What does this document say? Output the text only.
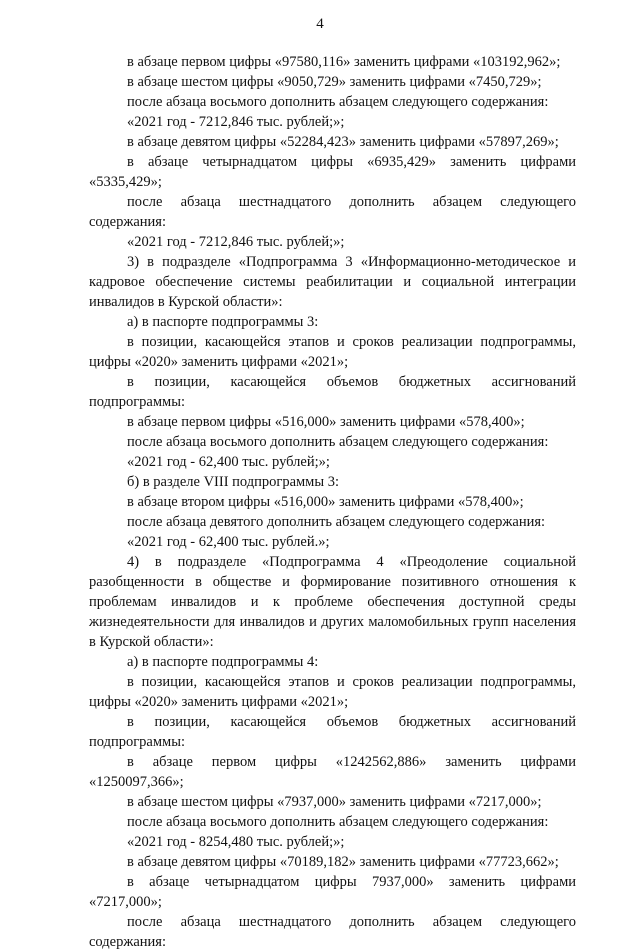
4

в абзаце первом цифры «97580,116» заменить цифрами «103192,962»;

в абзаце шестом цифры «9050,729» заменить цифрами «7450,729»;

после абзаца восьмого дополнить абзацем следующего содержания:

«2021 год - 7212,846 тыс. рублей;»;

в абзаце девятом цифры «52284,423» заменить цифрами «57897,269»;

в абзаце четырнадцатом цифры «6935,429» заменить цифрами «5335,429»;

после абзаца шестнадцатого дополнить абзацем следующего содержания:

«2021 год - 7212,846 тыс. рублей;»;

3) в подразделе «Подпрограмма 3 «Информационно-методическое и кадровое обеспечение системы реабилитации и социальной интеграции инвалидов в Курской области»:

а) в паспорте подпрограммы 3:

в позиции, касающейся этапов и сроков реализации подпрограммы, цифры «2020» заменить цифрами «2021»;

в позиции, касающейся объемов бюджетных ассигнований подпрограммы:

в абзаце первом цифры «516,000» заменить цифрами «578,400»;

после абзаца восьмого дополнить абзацем следующего содержания:

«2021 год - 62,400 тыс. рублей;»;

б) в разделе VIII подпрограммы 3:

в абзаце втором цифры «516,000» заменить цифрами «578,400»;

после абзаца девятого дополнить абзацем следующего содержания:

«2021 год - 62,400 тыс. рублей.»;

4) в подразделе «Подпрограмма 4 «Преодоление социальной разобщенности в обществе и формирование позитивного отношения к проблемам инвалидов и к проблеме обеспечения доступной среды жизнедеятельности для инвалидов и других маломобильных групп населения в Курской области»:

а) в паспорте подпрограммы 4:

в позиции, касающейся этапов и сроков реализации подпрограммы, цифры «2020» заменить цифрами «2021»;

в позиции, касающейся объемов бюджетных ассигнований подпрограммы:

в абзаце первом цифры «1242562,886» заменить цифрами «1250097,366»;

в абзаце шестом цифры «7937,000» заменить цифрами «7217,000»;

после абзаца восьмого дополнить абзацем следующего содержания:

«2021 год - 8254,480 тыс. рублей;»;

в абзаце девятом цифры «70189,182» заменить цифрами «77723,662»;

в абзаце четырнадцатом цифры 7937,000» заменить цифрами «7217,000»;

после абзаца шестнадцатого дополнить абзацем следующего содержания:
